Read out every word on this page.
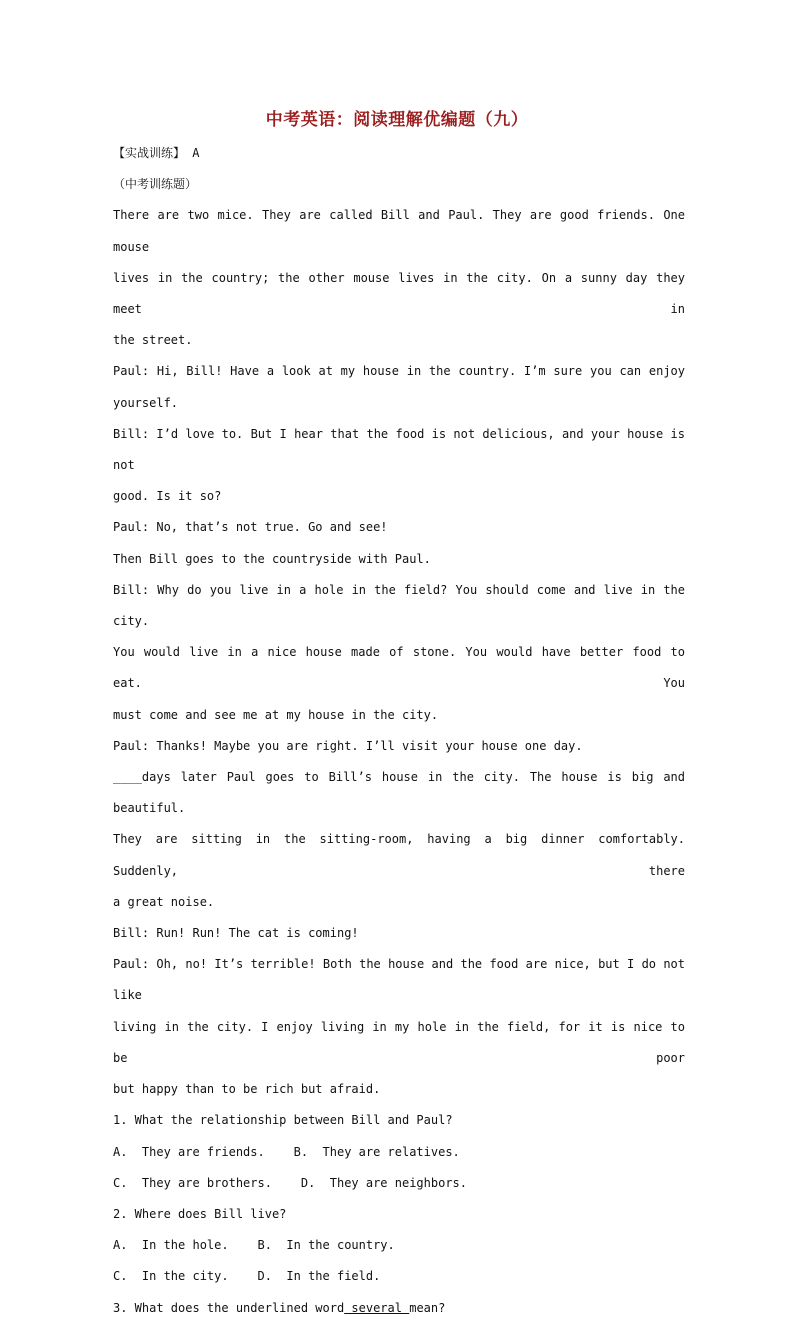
中考英语：阅读理解优编题（九）
【实战训练】 A
（中考训练题）
There are two mice. They are called Bill and Paul. They are good friends. One mouse
lives in the country; the other mouse lives in the city. On a sunny day they meet in
the street.
Paul: Hi, Bill! Have a look at my house in the country. I’m sure you can enjoy yourself.
Bill: I’d love to. But I hear that the food is not delicious, and your house is not
good. Is it so?
Paul: No, that’s not true. Go and see!
Then Bill goes to the countryside with Paul.
Bill: Why do you live in a hole in the field? You should come and live in the city.
You would live in a nice house made of stone. You would have better food to eat. You
must come and see me at my house in the city.
Paul: Thanks! Maybe you are right. I’ll visit your house one day.
____days later Paul goes to Bill’s house in the city. The house is big and beautiful.
They are sitting in the sitting-room, having a big dinner comfortably. Suddenly, there
a great noise.
Bill: Run! Run! The cat is coming!
Paul: Oh, no! It’s terrible! Both the house and the food are nice, but I do not like
living in the city. I enjoy living in my hole in the field, for it is nice to be poor
but happy than to be rich but afraid.
1. What the relationship between Bill and Paul?
A.  They are friends.    B.  They are relatives.
C.  They are brothers.    D.  They are neighbors.
2. Where does Bill live?
A.  In the hole.    B.  In the country.
C.  In the city.    D.  In the field.
3. What does the underlined word several mean?
